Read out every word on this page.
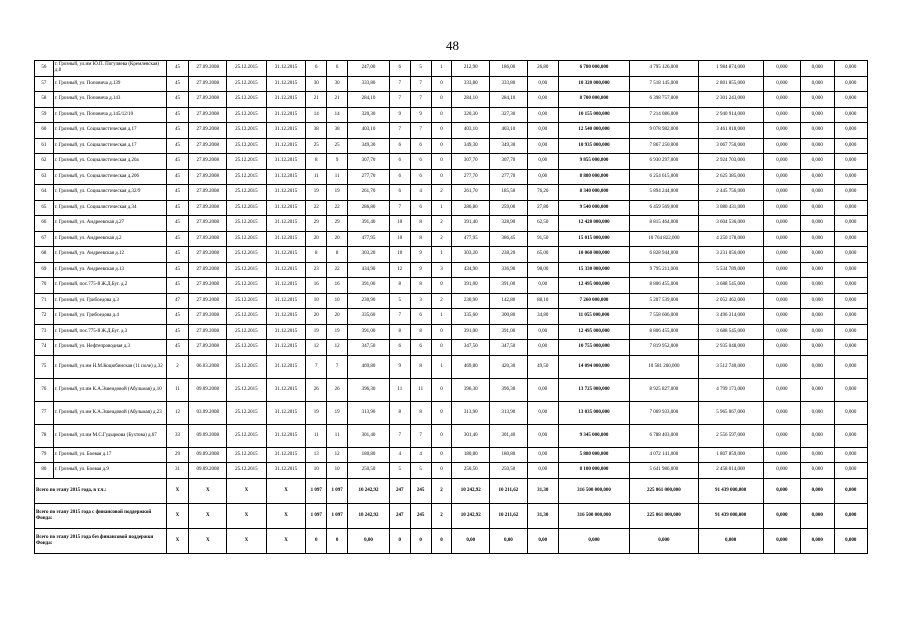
48
56	г. Грозный, ул.им Ю.П. Погуляева (Кремлевская) д.8	45	27.09.2008	25.12.2015	31.12.2015	6	6	247,00	6	5	1	212,90	186,00	26,80	6 780 000,000	4 795 126,000	1 984 874,000	0,000	0,000	0,000
57	г. Грозный, ул. Поповича д.139	45	27.09.2008	25.12.2015	31.12.2015	30	30	333,80	7	7	0	333,80	333,80	0,00	10 320 000,000	7 518 145,000	2 801 855,000	0,000	0,000	0,000
58	г. Грозный, ул. Поповича д.143	45	27.09.2008	25.12.2015	31.12.2015	21	21	284,10	7	7	0	284,10	284,10	0,00	8 700 000,000	6 398 757,000	2 301 243,000	0,000	0,000	0,000
59	г. Грозный, ул. Поповича д.145/12/10	45	27.09.2008	25.12.2015	31.12.2015	14	14	320,30	9	9	0	320,30	327,30	0,00	10 155 000,000	7 214 086,000	2 940 914,000	0,000	0,000	0,000
60	г. Грозный, ул. Социалистическая д.17	45	27.09.2008	25.12.2015	31.12.2015	38	38	403,10	7	7	0	403,10	403,10	0,00	12 540 000,000	9 078 982,000	3 461 018,000	0,000	0,000	0,000
61	г. Грозный, ул. Социалистическая д.17	45	27.09.2008	25.12.2015	31.12.2015	25	25	349,30	6	6	0	349,30	349,30	0,00	10 935 000,000	7 867 250,000	3 067 750,000	0,000	0,000	0,000
62	г. Грозный, ул. Социалистическая д.20а	45	27.09.2008	25.12.2015	31.12.2015	8	9	307,70	6	6	0	307,70	307,70	0,00	9 855 000,000	6 930 297,000	2 924 703,000	0,000	0,000	0,000
63	г. Грозный, ул. Социалистическая д.206	45	27.09.2008	25.12.2015	31.12.2015	11	11	277,70	6	6	0	277,70	277,70	0,00	8 880 000,000	6 254 615,000	2 625 385,000	0,000	0,000	0,000
64	г. Грозный, ул. Социалистическая д.32/9	45	27.09.2008	25.12.2015	31.12.2015	19	19	261,70	6	4	2	261,70	185,50	76,20	8 340 000,000	5 894 244,000	2 445 756,000	0,000	0,000	0,000
65	г. Грозный, ул. Социалистическая д.34	45	27.09.2008	25.12.2015	31.12.2015	22	22	286,80	7	6	1	286,80	259,00	27,80	9 540 000,000	6 459 569,000	3 080 431,000	0,000	0,000	0,000
66	г. Грозный, ул. Андреевская д.27	45	27.09.2008	25.12.2015	31.12.2015	29	29	391,40	10	8	2	391,40	328,90	62,50	12 420 000,000	8 815 464,000	3 604 536,000	0,000	0,000	0,000
67	г. Грозный, ул. Андреевская д.2	45	27.09.2008	25.12.2015	31.12.2015	20	20	477,95	10	8	2	477,95	386,45	91,50	15 015 000,000	10 764 822,000	4 250 178,000	0,000	0,000	0,000
68	г. Грозный, ул. Андреевская д.12	45	27.09.2008	25.12.2015	31.12.2015	8	8	303,20	10	9	1	303,20	238,20	65,00	10 060 000,000	6 828 944,000	3 231 056,000	0,000	0,000	0,000
69	г. Грозный, ул. Андреевская д.13	45	27.09.2008	25.12.2015	31.12.2015	23	22	434,90	12	9	3	434,90	336,90	98,00	15 330 000,000	9 795 211,000	5 534 789,000	0,000	0,000	0,000
70	г. Грозный, пос.775-й Ж.Д.Буг. д.2	45	27.09.2008	25.12.2015	31.12.2015	16	16	391,00	8	8	0	391,00	391,00	0,00	12 495 000,000	8 806 455,000	3 688 545,000	0,000	0,000	0,000
71	г. Грозный, ул. Грибоедова д.3	47	27.09.2008	25.12.2015	31.12.2015	10	10	230,90	5	3	2	230,90	142,80	88,10	7 260 000,000	5 207 539,000	2 052 462,000	0,000	0,000	0,000
72	г. Грозный, ул. Грибоедова д.4	45	27.09.2008	25.12.2015	31.12.2015	20	20	335,60	7	6	1	335,60	300,80	34,80	11 055 000,000	7 558 606,000	3 496 314,000	0,000	0,000	0,000
73	г. Грозный, пос.775-й Ж.Д.Буг. д.3	45	27.09.2008	25.12.2015	31.12.2015	19	19	391,00	8	8	0	391,00	391,00	0,00	12 495 000,000	8 806 455,000	3 688 545,000	0,000	0,000	0,000
74	г. Грозный, ул. Нефтепроводная д.3	45	27.09.2008	25.12.2015	31.12.2015	12	12	347,50	6	6	0	347,50	347,50	0,00	10 755 000,000	7 819 952,000	2 935 048,000	0,000	0,000	0,000
75	г. Грозный, ул.им Н.М.Коцюбинская (11 поле) д.32	2	06.03.2008	25.12.2015	31.12.2015	7	7	469,80	9	8	1	469,80	420,30	49,50	14 094 000,000	10 581 260,000	3 512 740,000	0,000	0,000	0,000
76	г. Грозный, ул.им К.А.Эшеидовой (Абульмая) д.10	11	09.09.2008	25.12.2015	31.12.2015	26	26	396,30	11	11	0	396,30	396,30	0,00	13 725 000,000	8 925 827,000	4 799 173,000	0,000	0,000	0,000
77	г. Грозный, ул.им К.А.Эшеидовой (Абульмая) д.23	12	03.09.2008	25.12.2015	31.12.2015	19	19	313,90	8	8	0	313,90	313,90	0,00	13 035 000,000	7 069 933,000	5 965 067,000	0,000	0,000	0,000
78	г. Грозный, ул.им М.С.Гудыркова (Бухтова) д.67	33	09.09.2008	25.12.2015	31.12.2015	11	11	301,40	7	7	0	301,40	301,40	0,00	9 345 000,000	6 788 403,000	2 556 597,000	0,000	0,000	0,000
79	г. Грозный, ул. Боевая д.17	29	09.09.2008	25.12.2015	31.12.2015	13	12	180,80	4	4	0	180,80	180,80	0,00	5 880 000,000	4 072 141,000	1 807 859,000	0,000	0,000	0,000
80	г. Грозный, ул. Боевая д.9	31	09.09.2008	25.12.2015	31.12.2015	10	10	250,50	5	5	0	250,50	250,50	0,00	8 100 000,000	5 641 986,000	2 458 014,000	0,000	0,000	0,000
Всего по этапу 2015 года, в т.ч.:		X	X	X	X	1 097	1 097	10 242,92	247	245	2	10 242,92	10 211,62	31,30	316 500 000,000	225 061 000,000	91 439 000,000	0,000	0,000	0,000
Всего по этапу 2015 года с финансовой поддержкой Фонда:		X	X	X	X	1 097	1 097	10 242,92	247	245	2	10 242,92	10 211,62	31,30	316 500 000,000	225 061 000,000	91 439 000,000	0,000	0,000	0,000
Всего по этапу 2015 года без финансовой поддержки Фонда:		X	X	X	X	0	0	0,00	0	0	0	0,00	0,00	0,00	0,000	0,000	0,000	0,000	0,000	0,000
